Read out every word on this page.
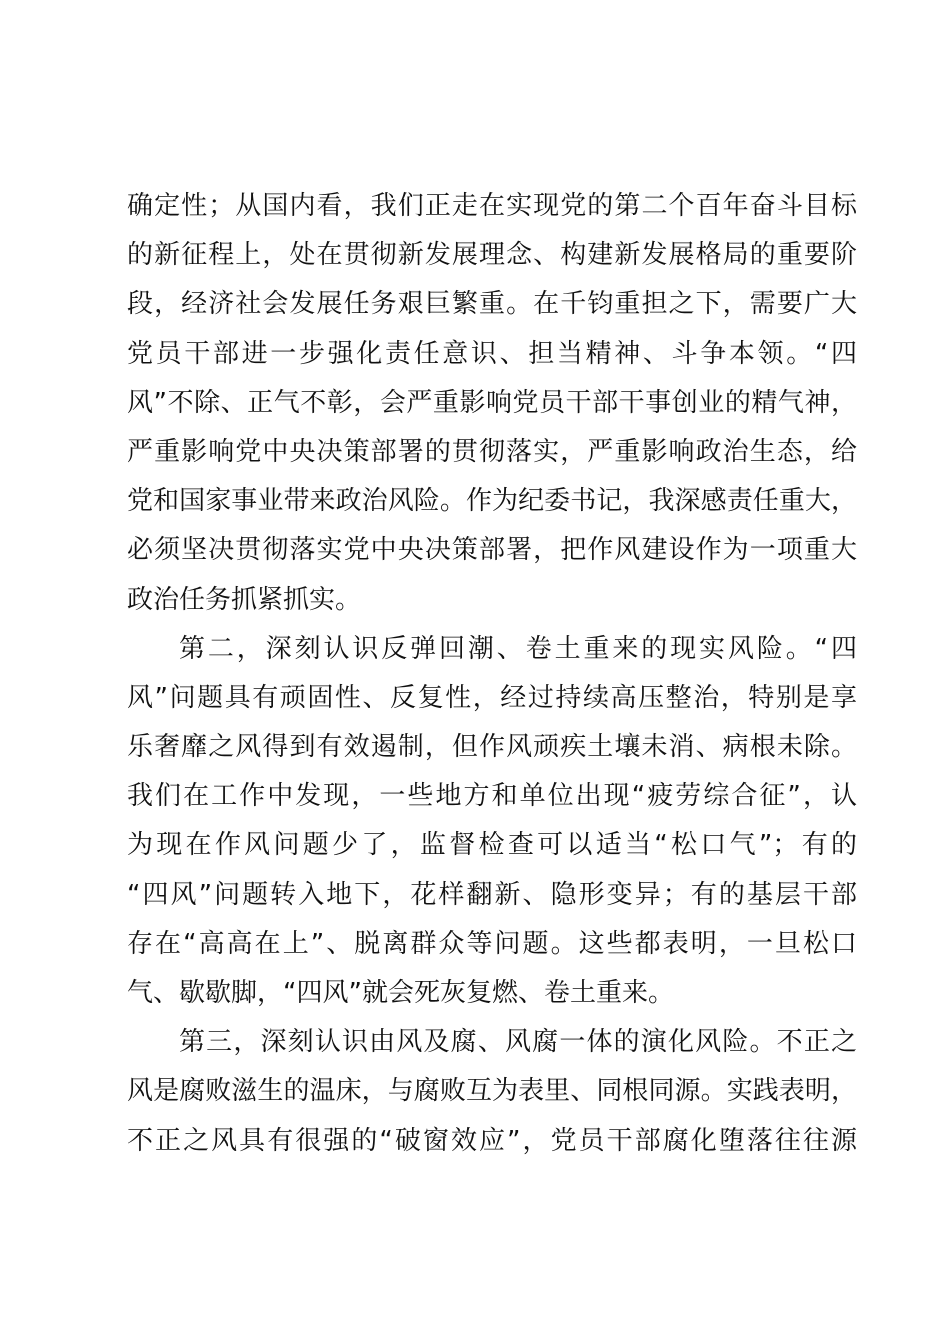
确定性；从国内看，我们正走在实现党的第二个百年奋斗目标
的新征程上，处在贯彻新发展理念、构建新发展格局的重要阶
段，经济社会发展任务艰巨繁重。在千钧重担之下，需要广大
党员干部进一步强化责任意识、担当精神、斗争本领。“四
风”不除、正气不彰，会严重影响党员干部干事创业的精气神，
严重影响党中央决策部署的贯彻落实，严重影响政治生态，给
党和国家事业带来政治风险。作为纪委书记，我深感责任重大，
必须坚决贯彻落实党中央决策部署，把作风建设作为一项重大
政治任务抓紧抓实。
第二，深刻认识反弹回潮、卷土重来的现实风险。“四
风”问题具有顽固性、反复性，经过持续高压整治，特别是享
乐奢靡之风得到有效遏制，但作风顽疾土壤未消、病根未除。
我们在工作中发现，一些地方和单位出现“疲劳综合征”，认
为现在作风问题少了，监督检查可以适当“松口气”；有的
“四风”问题转入地下，花样翻新、隐形变异；有的基层干部
存在“高高在上”、脱离群众等问题。这些都表明，一旦松口
气、歇歇脚，“四风”就会死灰复燃、卷土重来。
第三，深刻认识由风及腐、风腐一体的演化风险。不正之
风是腐败滋生的温床，与腐败互为表里、同根同源。实践表明，
不正之风具有很强的“破窗效应”，党员干部腐化堕落往往源
